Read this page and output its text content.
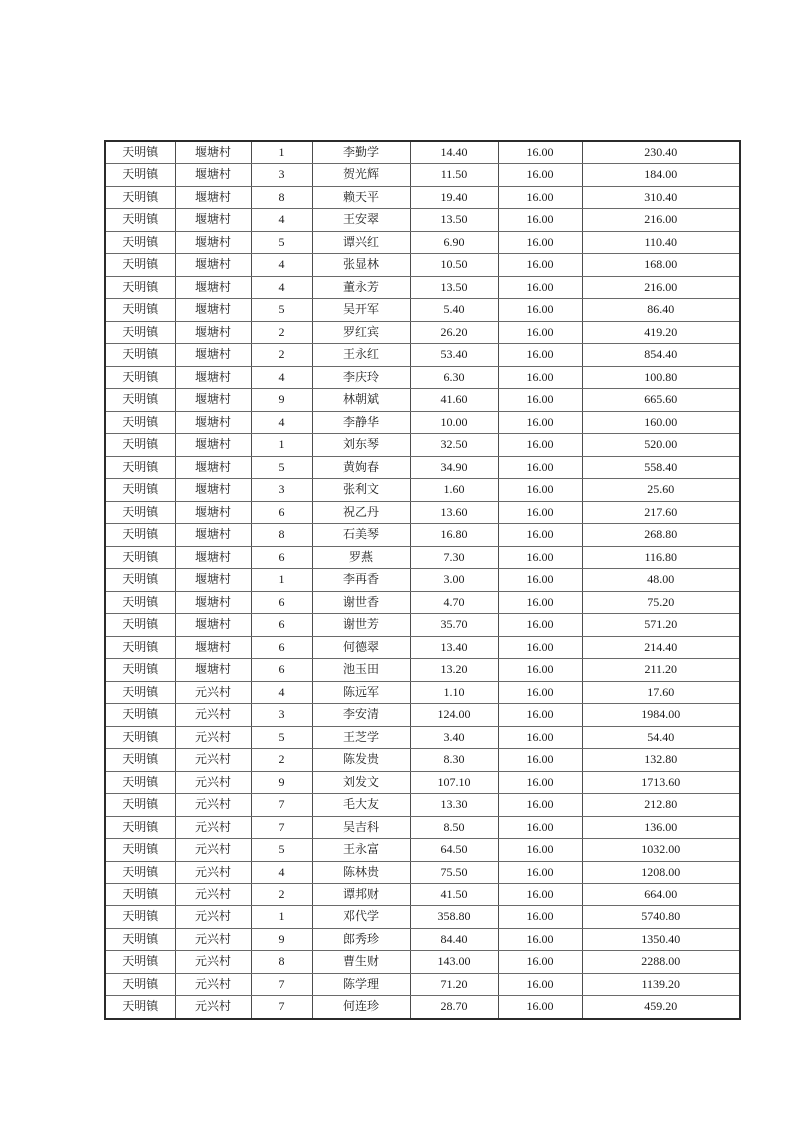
天明镇	堰塘村	1	李勤学	14.40	16.00	230.40
天明镇	堰塘村	3	贺光辉	11.50	16.00	184.00
天明镇	堰塘村	8	赖天平	19.40	16.00	310.40
天明镇	堰塘村	4	王安翠	13.50	16.00	216.00
天明镇	堰塘村	5	谭兴红	6.90	16.00	110.40
天明镇	堰塘村	4	张显林	10.50	16.00	168.00
天明镇	堰塘村	4	董永芳	13.50	16.00	216.00
天明镇	堰塘村	5	吴开军	5.40	16.00	86.40
天明镇	堰塘村	2	罗红宾	26.20	16.00	419.20
天明镇	堰塘村	2	王永红	53.40	16.00	854.40
天明镇	堰塘村	4	李庆玲	6.30	16.00	100.80
天明镇	堰塘村	9	林朝斌	41.60	16.00	665.60
天明镇	堰塘村	4	李静华	10.00	16.00	160.00
天明镇	堰塘村	1	刘东琴	32.50	16.00	520.00
天明镇	堰塘村	5	黄姁春	34.90	16.00	558.40
天明镇	堰塘村	3	张利文	1.60	16.00	25.60
天明镇	堰塘村	6	祝乙丹	13.60	16.00	217.60
天明镇	堰塘村	8	石美琴	16.80	16.00	268.80
天明镇	堰塘村	6	罗燕	7.30	16.00	116.80
天明镇	堰塘村	1	李再香	3.00	16.00	48.00
天明镇	堰塘村	6	谢世香	4.70	16.00	75.20
天明镇	堰塘村	6	谢世芳	35.70	16.00	571.20
天明镇	堰塘村	6	何德翠	13.40	16.00	214.40
天明镇	堰塘村	6	池玉田	13.20	16.00	211.20
天明镇	元兴村	4	陈远军	1.10	16.00	17.60
天明镇	元兴村	3	李安清	124.00	16.00	1984.00
天明镇	元兴村	5	王芝学	3.40	16.00	54.40
天明镇	元兴村	2	陈发贵	8.30	16.00	132.80
天明镇	元兴村	9	刘发文	107.10	16.00	1713.60
天明镇	元兴村	7	毛大友	13.30	16.00	212.80
天明镇	元兴村	7	吴吉科	8.50	16.00	136.00
天明镇	元兴村	5	王永富	64.50	16.00	1032.00
天明镇	元兴村	4	陈林贵	75.50	16.00	1208.00
天明镇	元兴村	2	谭邦财	41.50	16.00	664.00
天明镇	元兴村	1	邓代学	358.80	16.00	5740.80
天明镇	元兴村	9	郎秀珍	84.40	16.00	1350.40
天明镇	元兴村	8	曹生财	143.00	16.00	2288.00
天明镇	元兴村	7	陈学理	71.20	16.00	1139.20
天明镇	元兴村	7	何连珍	28.70	16.00	459.20
